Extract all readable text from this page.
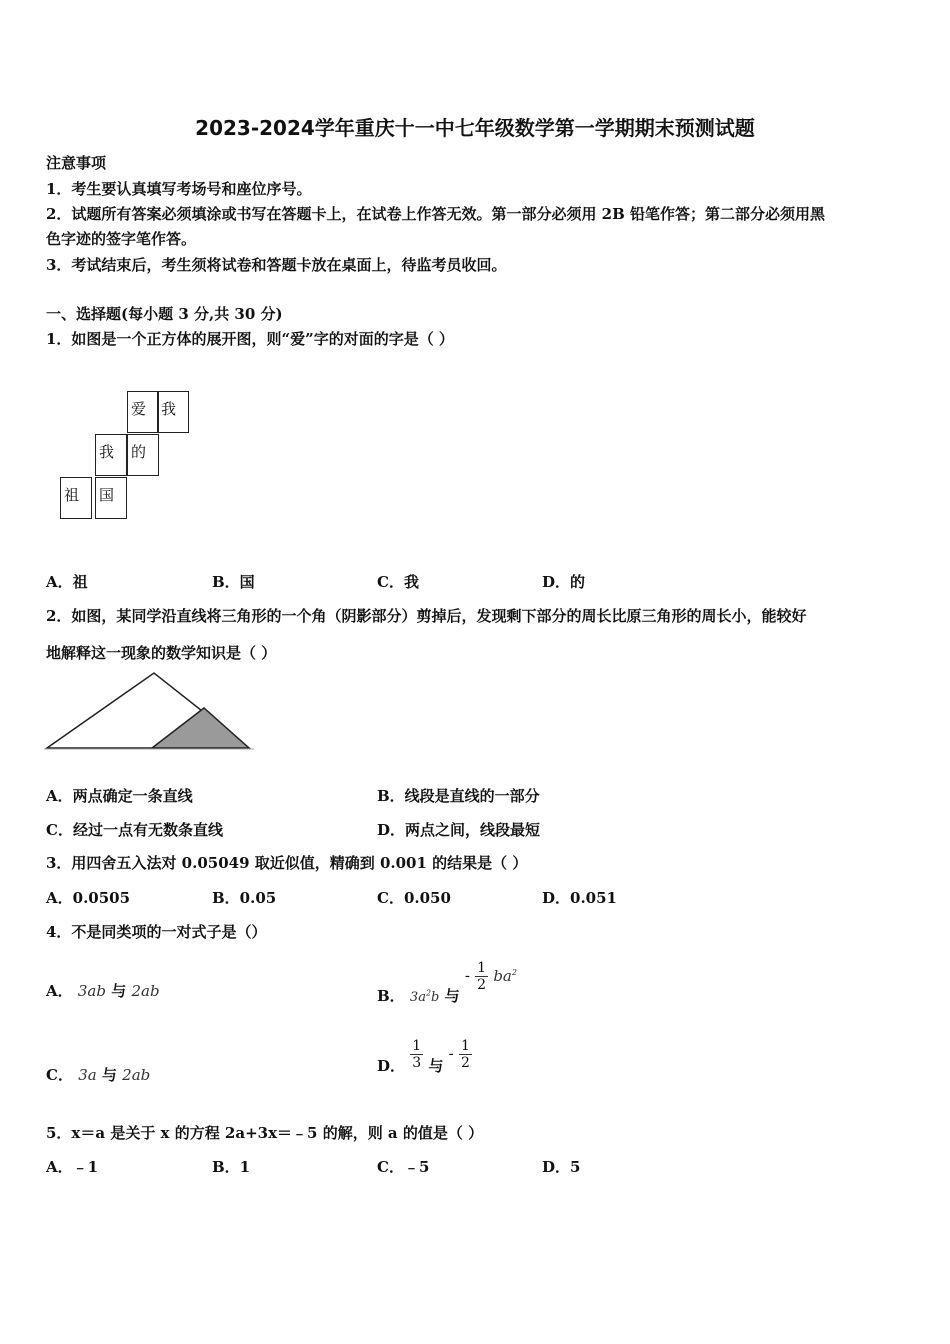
2023-2024学年重庆十一中七年级数学第一学期期末预测试题
注意事项
1．考生要认真填写考场号和座位序号。
2．试题所有答案必须填涂或书写在答题卡上，在试卷上作答无效。第一部分必须用 2B 铅笔作答；第二部分必须用黑
色字迹的签字笔作答。
3．考试结束后，考生须将试卷和答题卡放在桌面上，待监考员收回。
一、选择题(每小题 3 分,共 30 分)
1．如图是一个正方体的展开图，则“爱”字的对面的字是（ ）
爱 我
我 的
祖 国
A．祖	B．国	C．我	D．的
2．如图，某同学沿直线将三角形的一个角（阴影部分）剪掉后，发现剩下部分的周长比原三角形的周长小，能较好
地解释这一现象的数学知识是（ ）
A．两点确定一条直线	B．线段是直线的一部分
C．经过一点有无数条直线	D．两点之间，线段最短
3．用四舍五入法对 0.05049 取近似值，精确到 0.001 的结果是（ ）
A．0.0505	B．0.05	C．0.050	D．0.051
4．不是同类项的一对式子是（）
A． 3ab 与 2ab	B． $3a^2b$ 与 - $\frac{1}{2} ba^2$
C． 3a 与 2ab
D． $\frac{1}{3}$ 与 - $\frac{1}{2}$
5．x＝a 是关于 x 的方程 2a+3x＝﹣5 的解，则 a 的值是（ ）
A．﹣1	B．1	C．﹣5	D．5
